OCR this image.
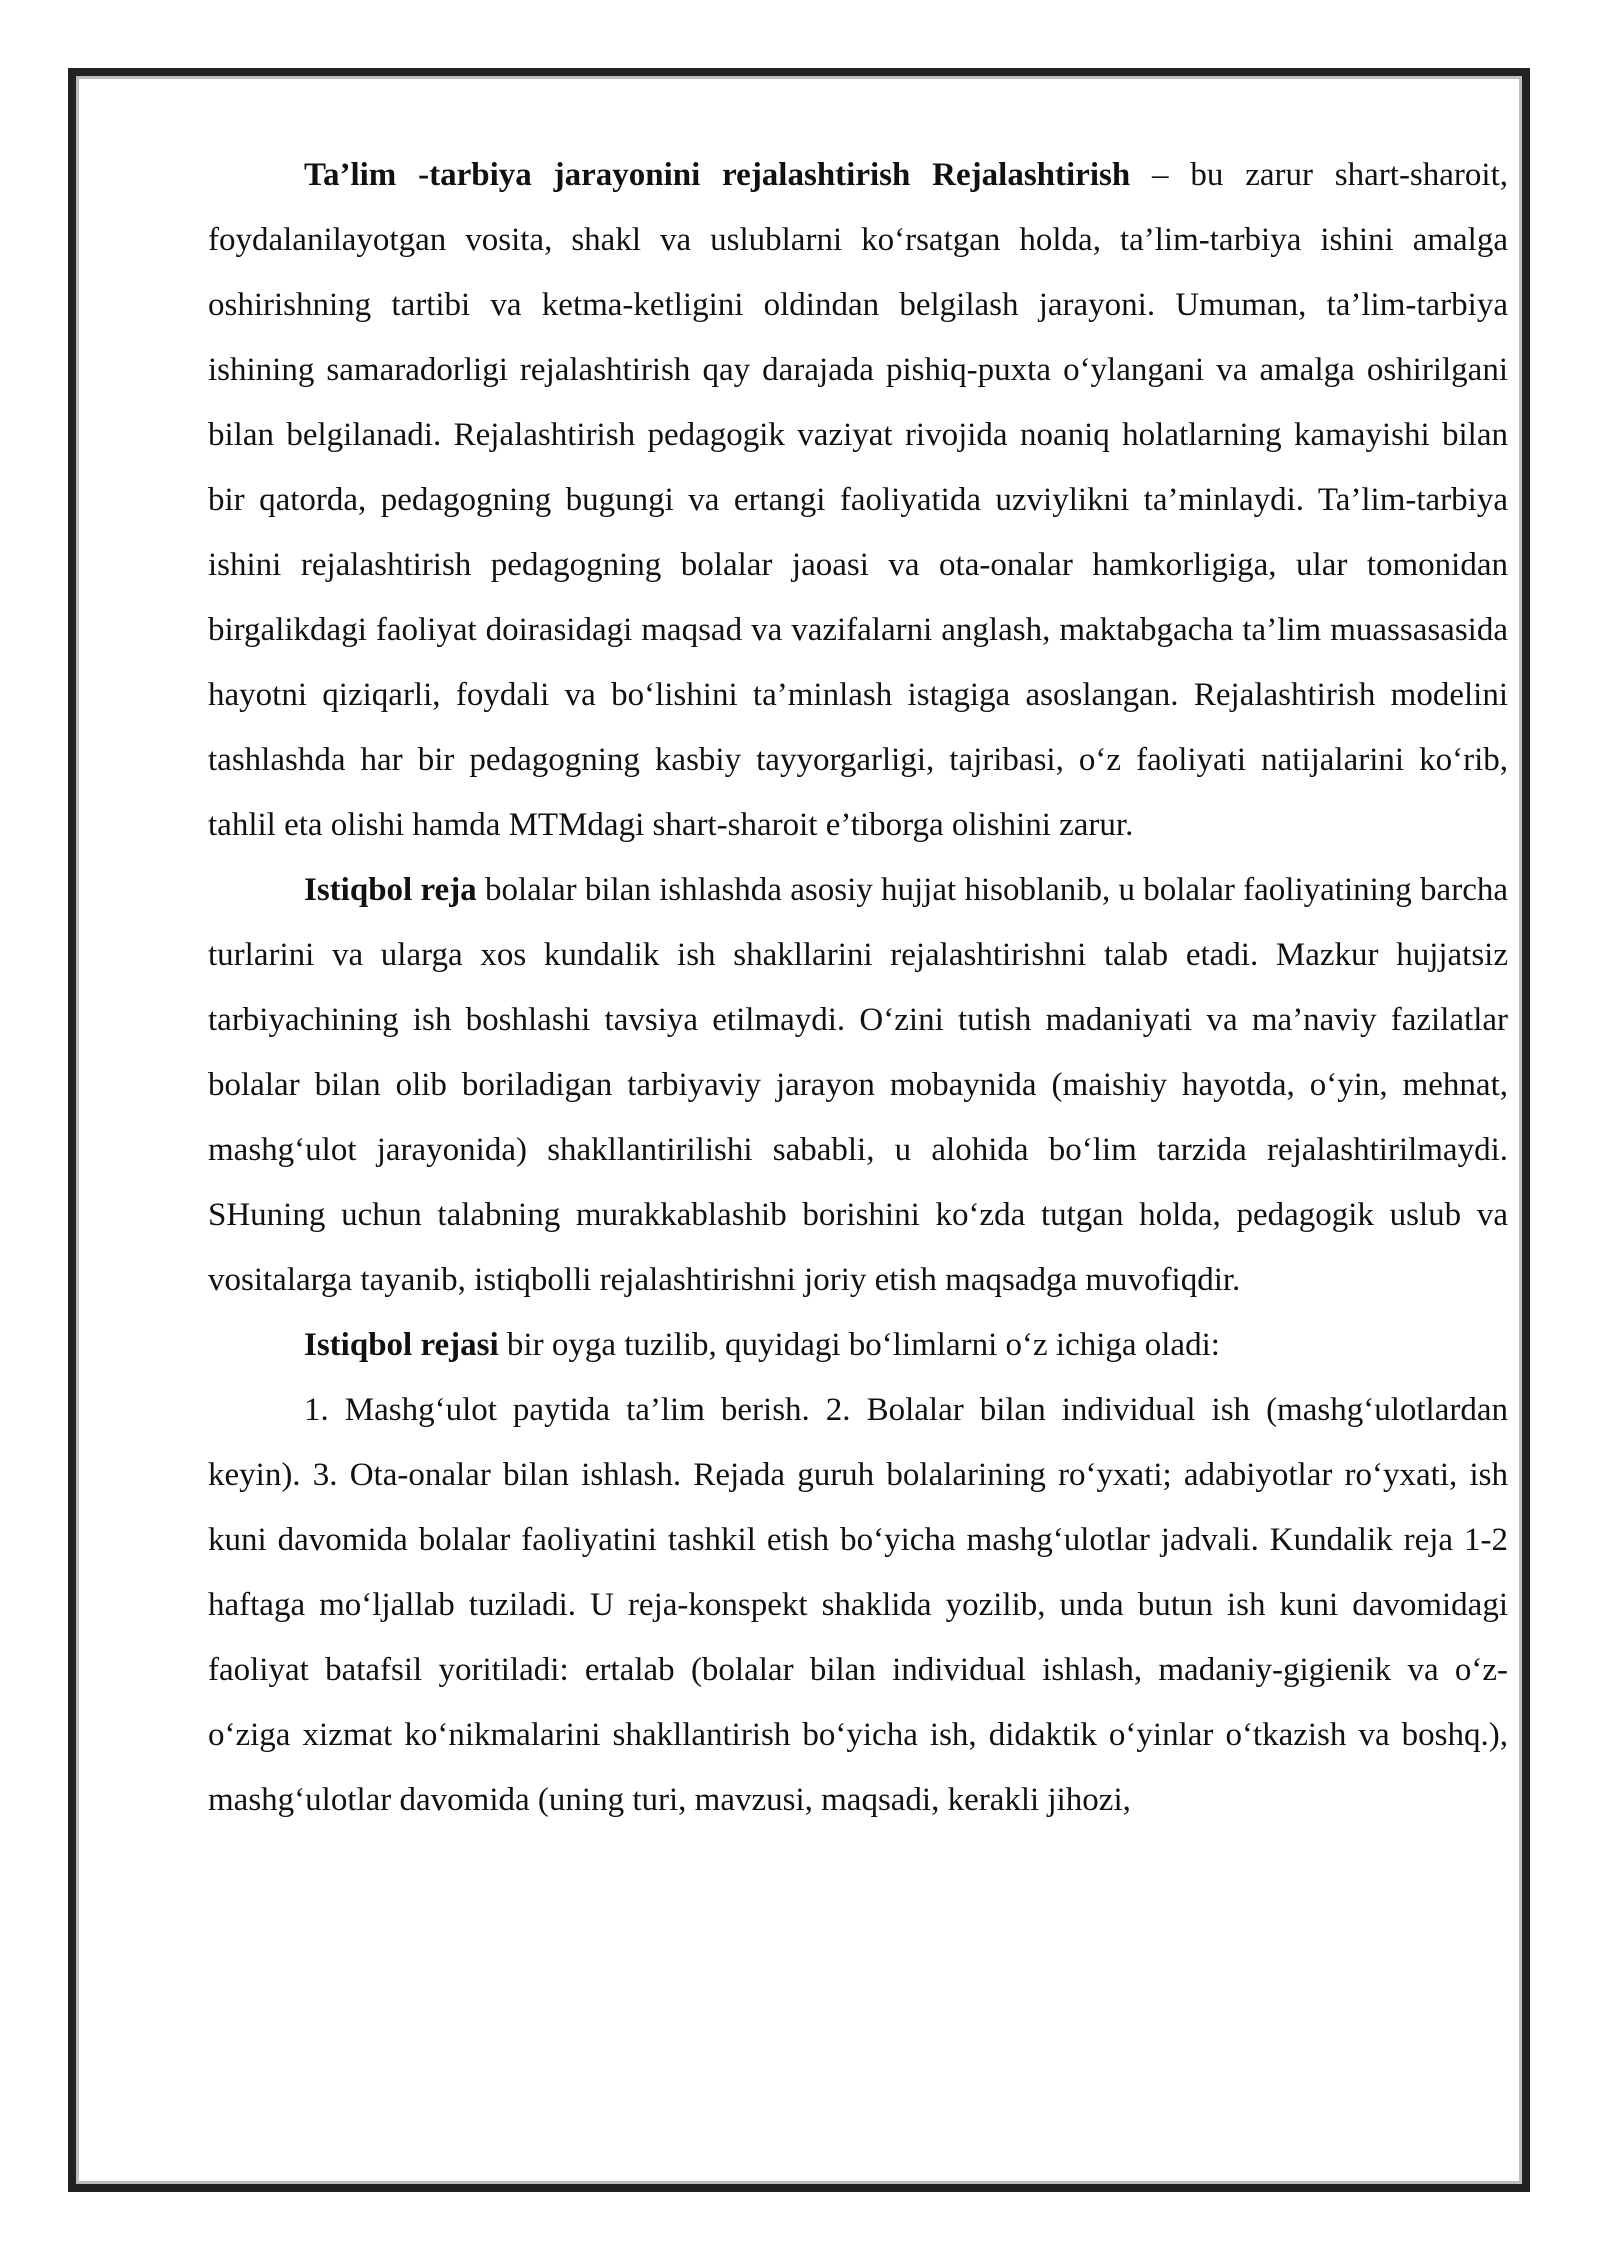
Ta’lim -tarbiya jarayonini rejalashtirish Rejalashtirish – bu zarur shart-sharoit, foydalanilayotgan vosita, shakl va uslublarni ko‘rsatgan holda, ta’lim-tarbiya ishini amalga oshirishning tartibi va ketma-ketligini oldindan belgilash jarayoni. Umuman, ta’lim-tarbiya ishining samaradorligi rejalashtirish qay darajada pishiq-puxta o‘ylangani va amalga oshirilgani bilan belgilanadi. Rejalashtirish pedagogik vaziyat rivojida noaniq holatlarning kamayishi bilan bir qatorda, pedagogning bugungi va ertangi faoliyatida uzviylikni ta’minlaydi. Ta’lim-tarbiya ishini rejalashtirish pedagogning bolalar jaoasi va ota-onalar hamkorligiga, ular tomonidan birgalikdagi faoliyat doirasidagi maqsad va vazifalarni anglash, maktabgacha ta’lim muassasasida hayotni qiziqarli, foydali va bo‘lishini ta’minlash istagiga asoslangan. Rejalashtirish modelini tashlashda har bir pedagogning kasbiy tayyorgarligi, tajribasi, o‘z faoliyati natijalarini ko‘rib, tahlil eta olishi hamda MTMdagi shart-sharoit e’tiborga olishini zarur.

Istiqbol reja bolalar bilan ishlashda asosiy hujjat hisoblanib, u bolalar faoliyatining barcha turlarini va ularga xos kundalik ish shakllarini rejalashtirishni talab etadi. Mazkur hujjatsiz tarbiyachining ish boshlashi tavsiya etilmaydi. O‘zini tutish madaniyati va ma’naviy fazilatlar bolalar bilan olib boriladigan tarbiyaviy jarayon mobaynida (maishiy hayotda, o‘yin, mehnat, mashg‘ulot jarayonida) shakllantirilishi sababli, u alohida bo‘lim tarzida rejalashtirilmaydi. SHuning uchun talabning murakkablashib borishini ko‘zda tutgan holda, pedagogik uslub va vositalarga tayanib, istiqbolli rejalashtirishni joriy etish maqsadga muvofiqdir.

Istiqbol rejasi bir oyga tuzilib, quyidagi bo‘limlarni o‘z ichiga oladi:

1. Mashg‘ulot paytida ta’lim berish. 2. Bolalar bilan individual ish (mashg‘ulotlardan keyin). 3. Ota-onalar bilan ishlash. Rejada guruh bolalarining ro‘yxati; adabiyotlar ro‘yxati, ish kuni davomida bolalar faoliyatini tashkil etish bo‘yicha mashg‘ulotlar jadvali. Kundalik reja 1-2 haftaga mo‘ljallab tuziladi. U reja-konspekt shaklida yozilib, unda butun ish kuni davomidagi faoliyat batafsil yoritiladi: ertalab (bolalar bilan individual ishlash, madaniy-gigienik va o‘z-o‘ziga xizmat ko‘nikmalarini shakllantirish bo‘yicha ish, didaktik o‘yinlar o‘tkazish va boshq.), mashg‘ulotlar davomida (uning turi, mavzusi, maqsadi, kerakli jihozi,
